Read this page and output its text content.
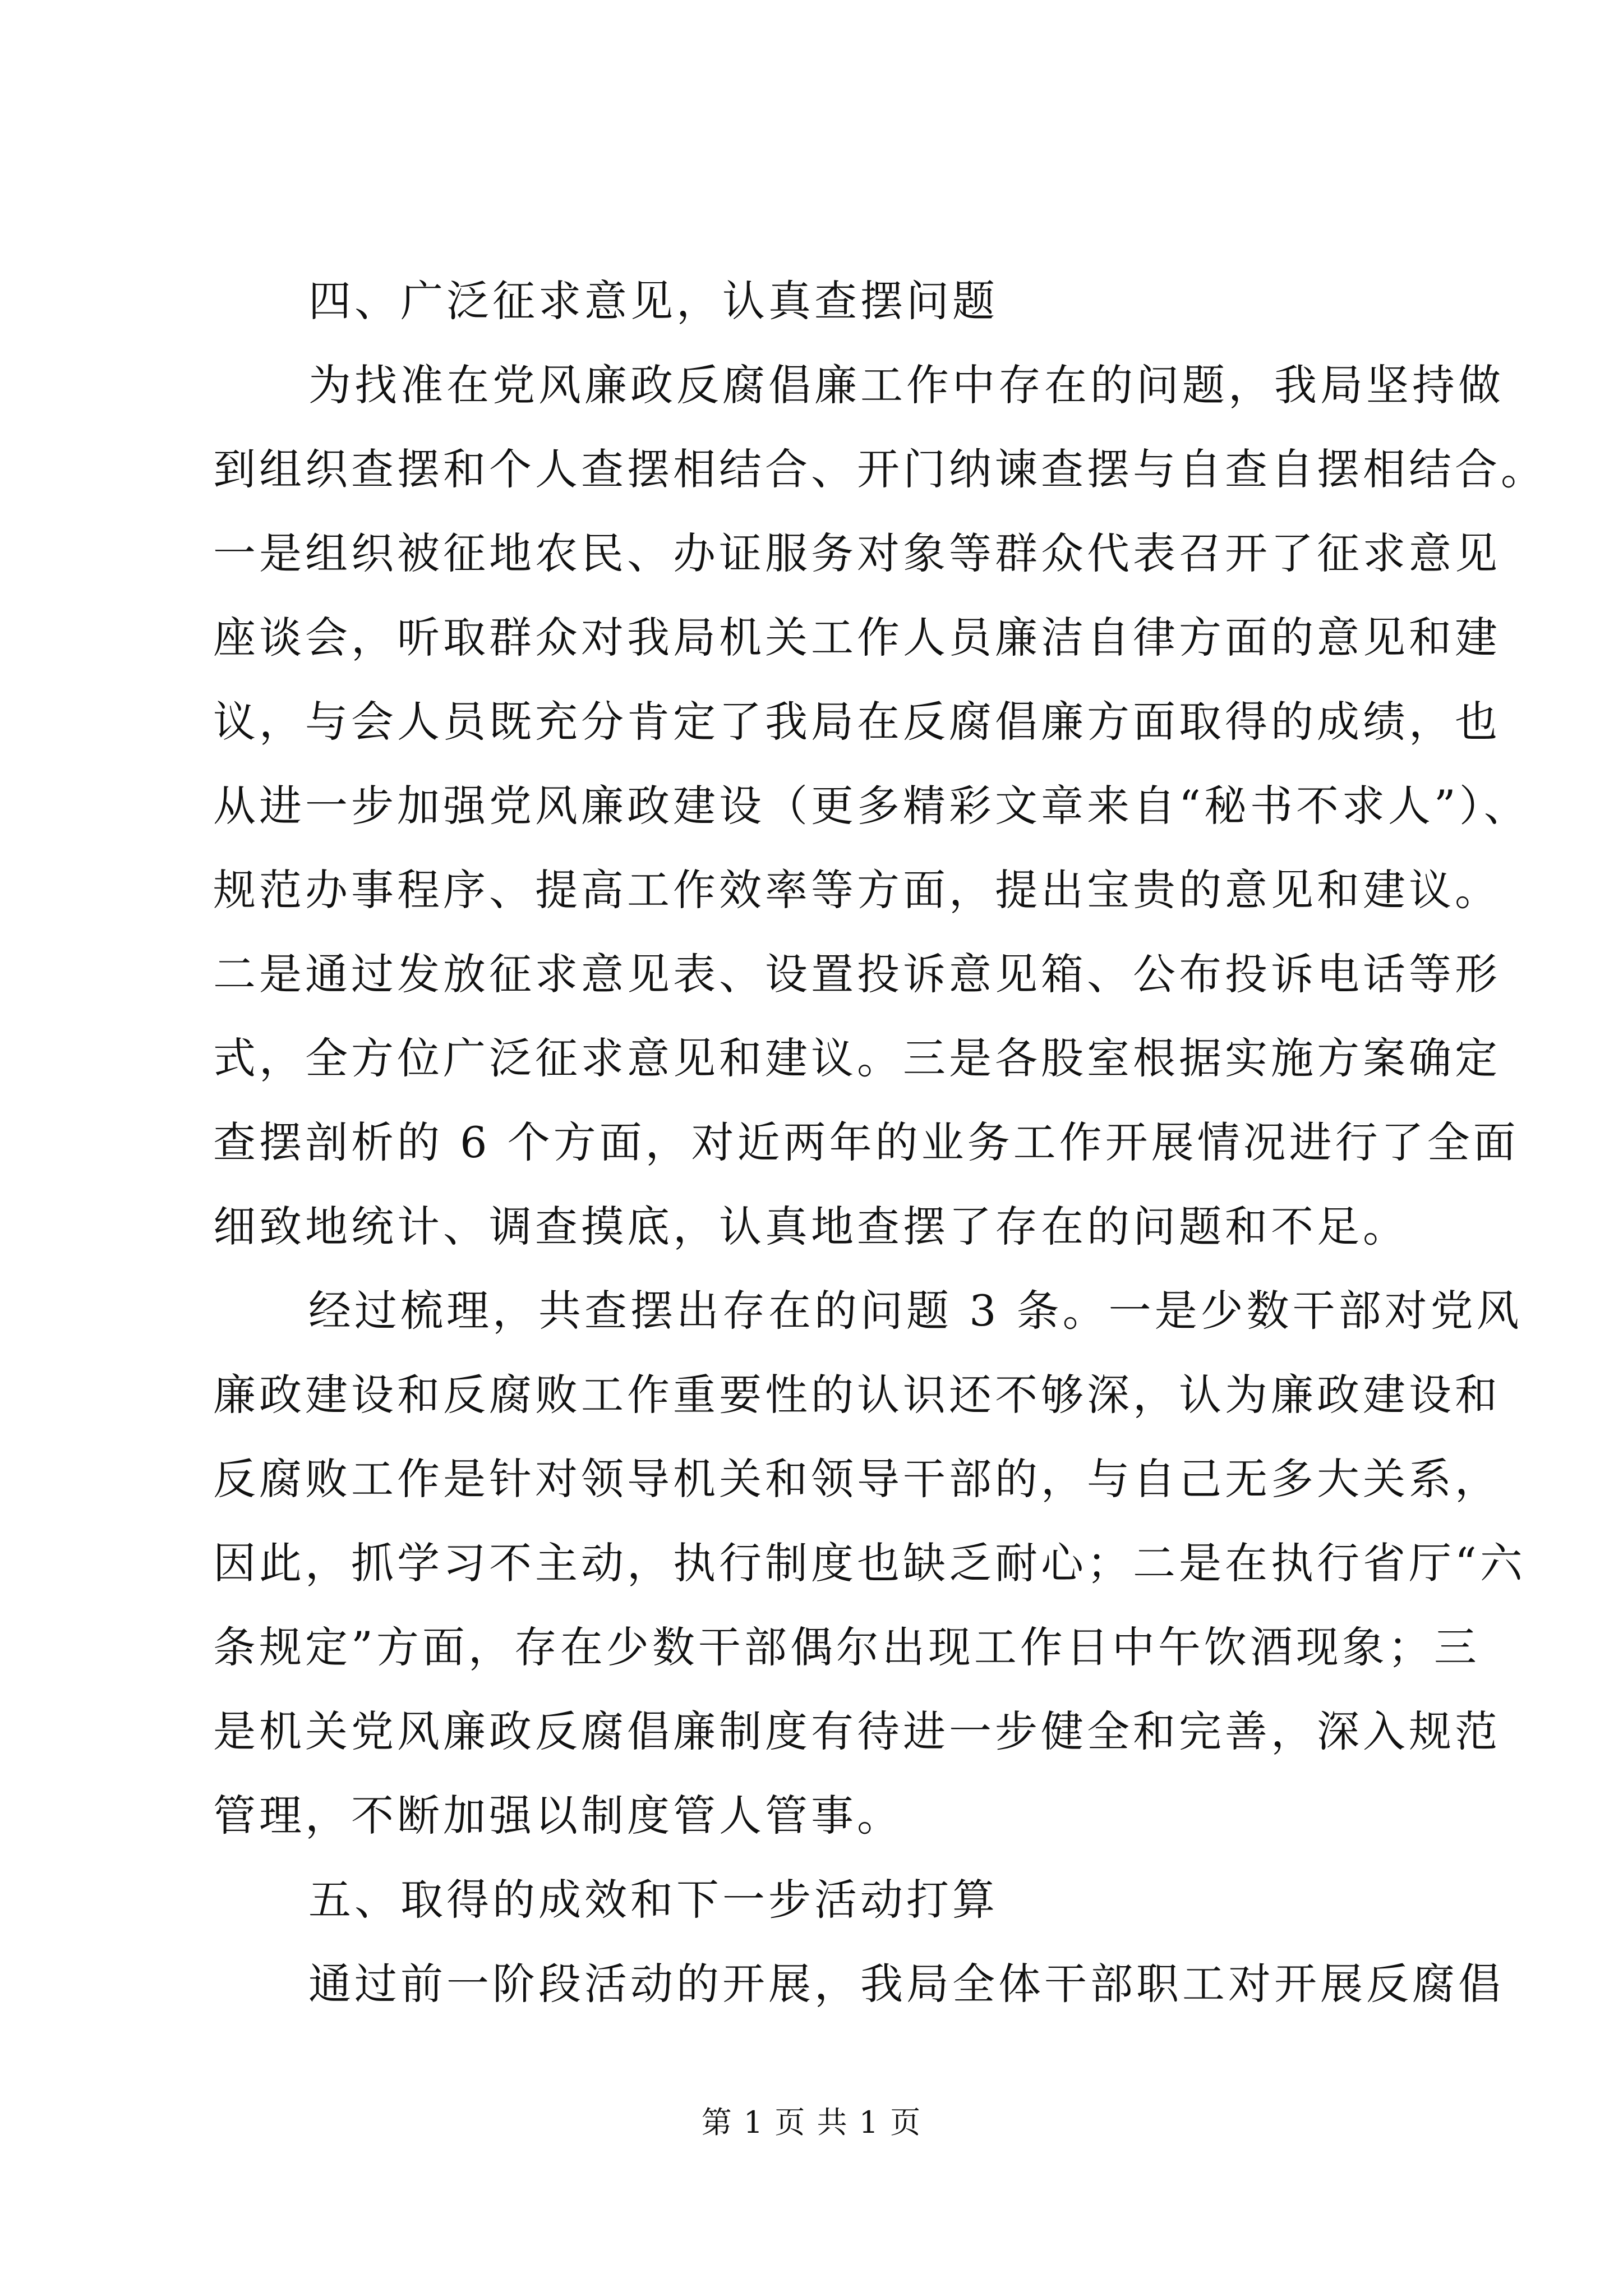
四、广泛征求意见，认真查摆问题
为找准在党风廉政反腐倡廉工作中存在的问题，我局坚持做
到组织查摆和个人查摆相结合、开门纳谏查摆与自查自摆相结合。
一是组织被征地农民、办证服务对象等群众代表召开了征求意见
座谈会，听取群众对我局机关工作人员廉洁自律方面的意见和建
议，与会人员既充分肯定了我局在反腐倡廉方面取得的成绩，也
从进一步加强党风廉政建设（更多精彩文章来自“秘书不求人”）、
规范办事程序、提高工作效率等方面，提出宝贵的意见和建议。
二是通过发放征求意见表、设置投诉意见箱、公布投诉电话等形
式，全方位广泛征求意见和建议。三是各股室根据实施方案确定
查摆剖析的 6 个方面，对近两年的业务工作开展情况进行了全面
细致地统计、调查摸底，认真地查摆了存在的问题和不足。
经过梳理，共查摆出存在的问题 3 条。一是少数干部对党风
廉政建设和反腐败工作重要性的认识还不够深，认为廉政建设和
反腐败工作是针对领导机关和领导干部的，与自己无多大关系，
因此，抓学习不主动，执行制度也缺乏耐心；二是在执行省厅“六
条规定”方面，存在少数干部偶尔出现工作日中午饮酒现象；三
是机关党风廉政反腐倡廉制度有待进一步健全和完善，深入规范
管理，不断加强以制度管人管事。
五、取得的成效和下一步活动打算
通过前一阶段活动的开展，我局全体干部职工对开展反腐倡
第 1 页 共 1 页
